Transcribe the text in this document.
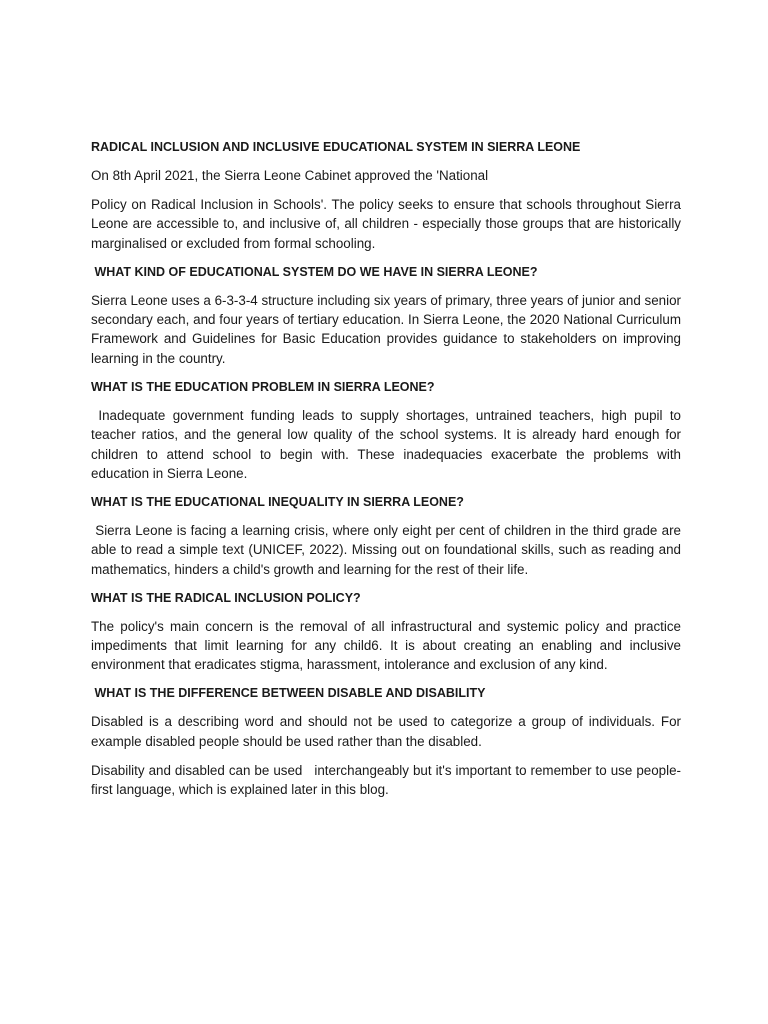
RADICAL INCLUSION AND INCLUSIVE EDUCATIONAL SYSTEM IN SIERRA LEONE

On 8th April 2021, the Sierra Leone Cabinet approved the 'National

Policy on Radical Inclusion in Schools'. The policy seeks to ensure that schools throughout Sierra Leone are accessible to, and inclusive of, all children - especially those groups that are historically marginalised or excluded from formal schooling.

WHAT KIND OF EDUCATIONAL SYSTEM DO WE HAVE IN SIERRA LEONE?

Sierra Leone uses a 6-3-3-4 structure including six years of primary, three years of junior and senior secondary each, and four years of tertiary education. In Sierra Leone, the 2020 National Curriculum Framework and Guidelines for Basic Education provides guidance to stakeholders on improving learning in the country.

WHAT IS THE EDUCATION PROBLEM IN SIERRA LEONE?

Inadequate government funding leads to supply shortages, untrained teachers, high pupil to teacher ratios, and the general low quality of the school systems. It is already hard enough for children to attend school to begin with. These inadequacies exacerbate the problems with education in Sierra Leone.

WHAT IS THE EDUCATIONAL INEQUALITY IN SIERRA LEONE?

Sierra Leone is facing a learning crisis, where only eight per cent of children in the third grade are able to read a simple text (UNICEF, 2022). Missing out on foundational skills, such as reading and mathematics, hinders a child's growth and learning for the rest of their life.

WHAT IS THE RADICAL INCLUSION POLICY?

The policy's main concern is the removal of all infrastructural and systemic policy and practice impediments that limit learning for any child6. It is about creating an enabling and inclusive environment that eradicates stigma, harassment, intolerance and exclusion of any kind.

WHAT IS THE DIFFERENCE BETWEEN DISABLE AND DISABILITY

Disabled is a describing word and should not be used to categorize a group of individuals. For example disabled people should be used rather than the disabled.

Disability and disabled can be used   interchangeably but it's important to remember to use people-first language, which is explained later in this blog.
